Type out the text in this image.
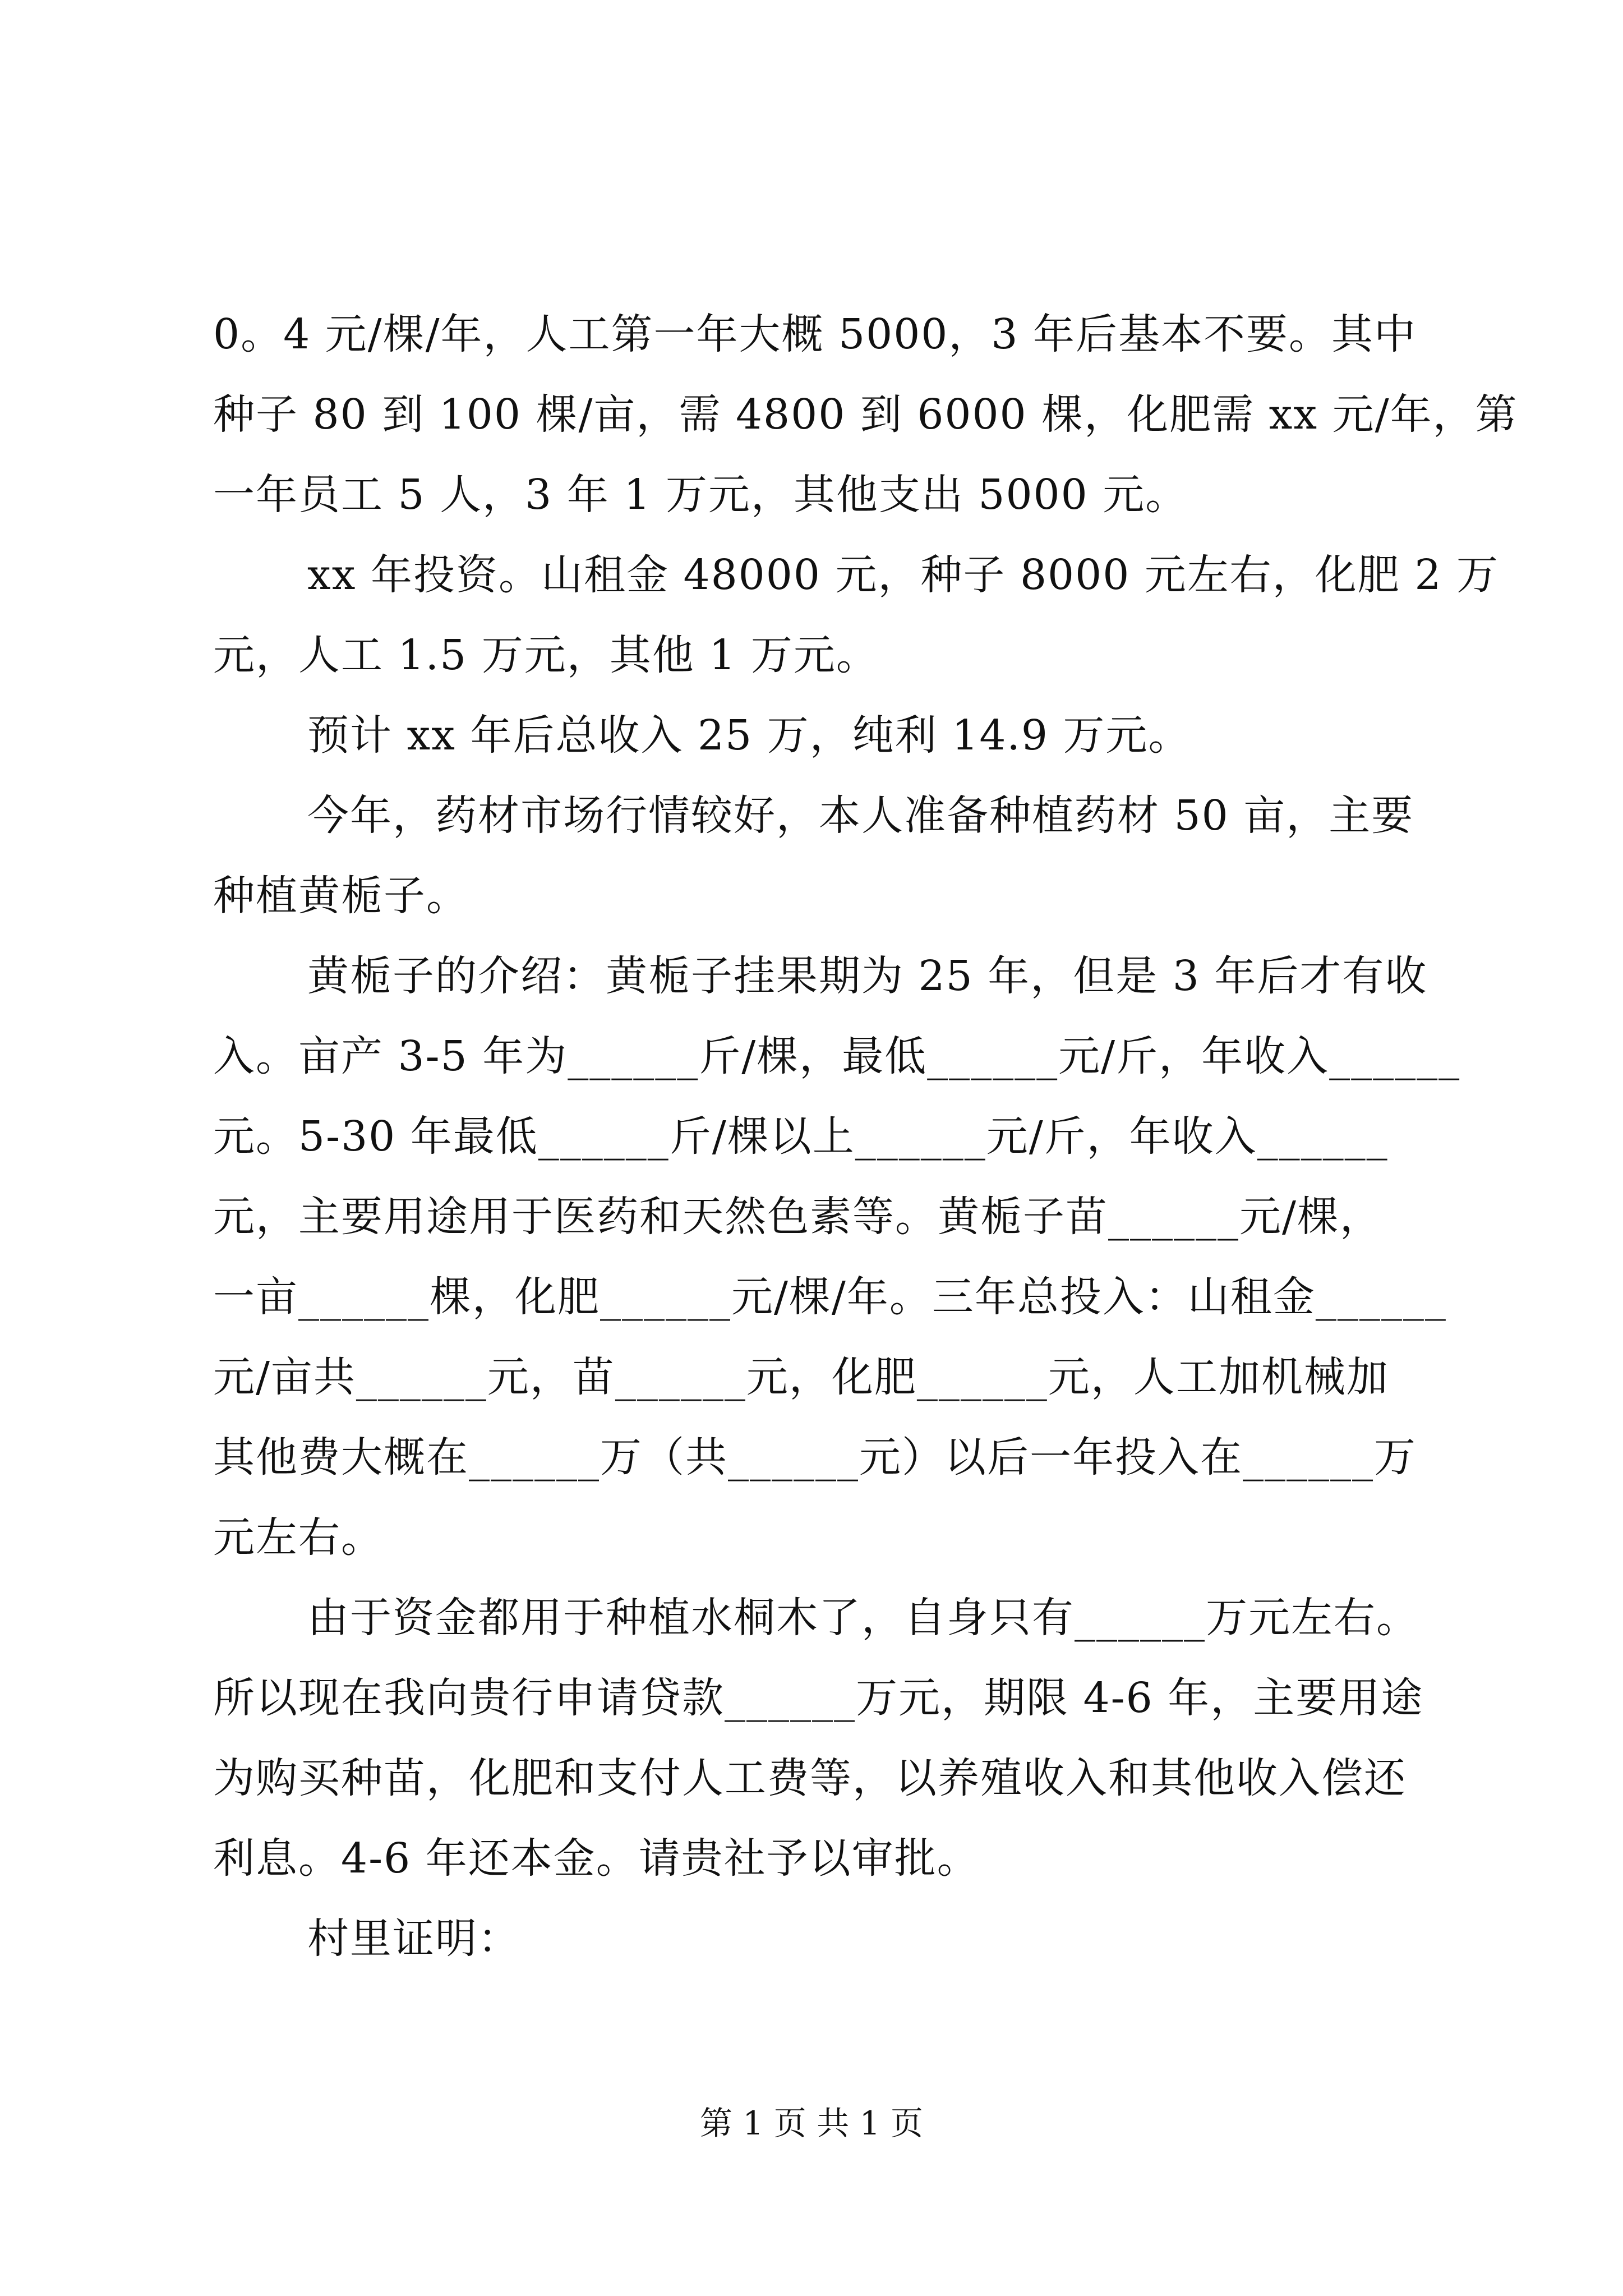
0。4 元/棵/年，人工第一年大概 5000，3 年后基本不要。其中
种子 80 到 100 棵/亩，需 4800 到 6000 棵，化肥需 xx 元/年，第
一年员工 5 人，3 年 1 万元，其他支出 5000 元。
xx 年投资。山租金 48000 元，种子 8000 元左右，化肥 2 万
元，人工 1.5 万元，其他 1 万元。
预计 xx 年后总收入 25 万，纯利 14.9 万元。
今年，药材市场行情较好，本人准备种植药材 50 亩，主要
种植黄栀子。
黄栀子的介绍：黄栀子挂果期为 25 年，但是 3 年后才有收
入。亩产 3-5 年为______斤/棵，最低______元/斤，年收入______
元。5-30 年最低______斤/棵以上______元/斤，年收入______
元，主要用途用于医药和天然色素等。黄栀子苗______元/棵，
一亩______棵，化肥______元/棵/年。三年总投入：山租金______
元/亩共______元，苗______元，化肥______元，人工加机械加
其他费大概在______万（共______元）以后一年投入在______万
元左右。
由于资金都用于种植水桐木了，自身只有______万元左右。
所以现在我向贵行申请贷款______万元，期限 4-6 年，主要用途
为购买种苗，化肥和支付人工费等，以养殖收入和其他收入偿还
利息。4-6 年还本金。请贵社予以审批。
村里证明：
第 1 页 共 1 页
